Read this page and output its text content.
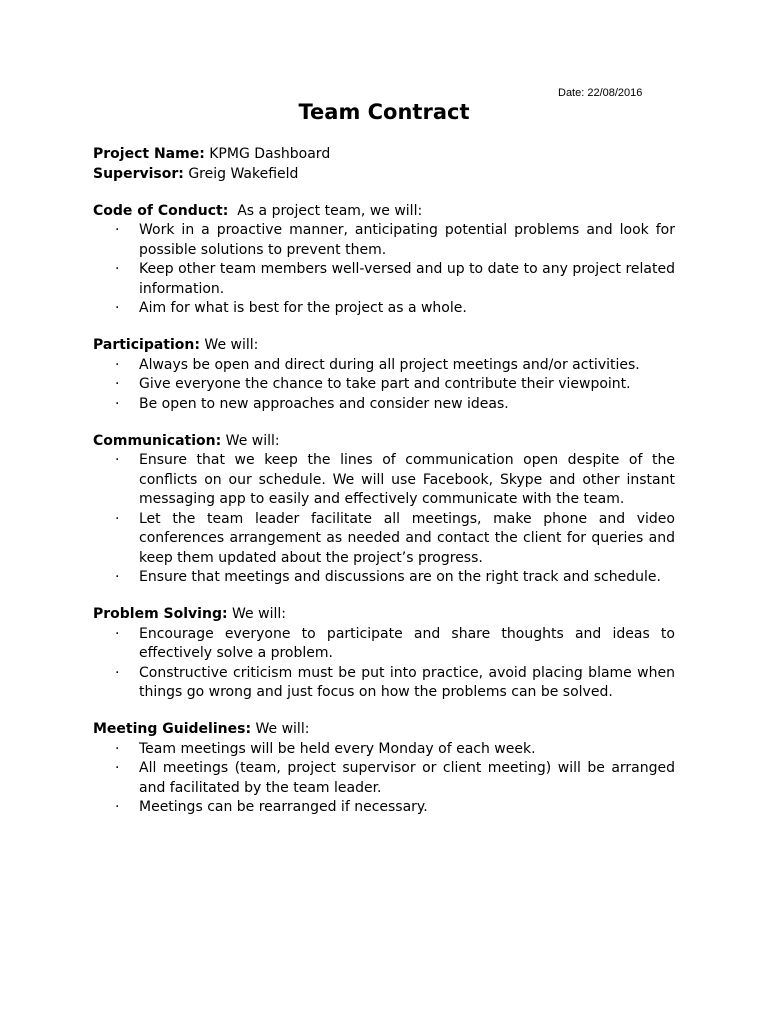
Date: 22/08/2016
Team Contract
Project Name: KPMG Dashboard
Supervisor: Greig Wakefield
Code of Conduct:  As a project team, we will:
· Work in a proactive manner, anticipating potential problems and look for possible solutions to prevent them.
· Keep other team members well-versed and up to date to any project related information.
· Aim for what is best for the project as a whole.
Participation: We will:
· Always be open and direct during all project meetings and/or activities.
· Give everyone the chance to take part and contribute their viewpoint.
· Be open to new approaches and consider new ideas.
Communication: We will:
· Ensure that we keep the lines of communication open despite of the conflicts on our schedule. We will use Facebook, Skype and other instant messaging app to easily and effectively communicate with the team.
· Let the team leader facilitate all meetings, make phone and video conferences arrangement as needed and contact the client for queries and keep them updated about the project’s progress.
· Ensure that meetings and discussions are on the right track and schedule.
Problem Solving: We will:
· Encourage everyone to participate and share thoughts and ideas to effectively solve a problem.
· Constructive criticism must be put into practice, avoid placing blame when things go wrong and just focus on how the problems can be solved.
Meeting Guidelines: We will:
· Team meetings will be held every Monday of each week.
· All meetings (team, project supervisor or client meeting) will be arranged and facilitated by the team leader.
· Meetings can be rearranged if necessary.
